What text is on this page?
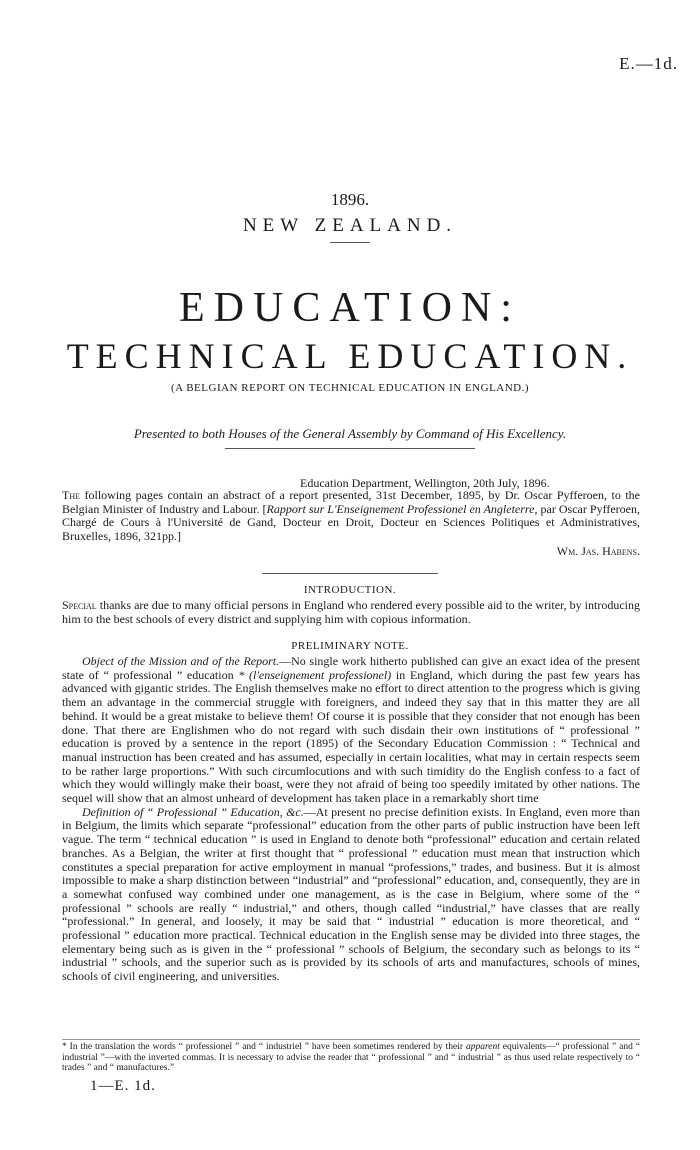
E.—1d.
1896.
NEW ZEALAND.
EDUCATION:
TECHNICAL EDUCATION.
(A BELGIAN REPORT ON TECHNICAL EDUCATION IN ENGLAND.)
Presented to both Houses of the General Assembly by Command of His Excellency.
Education Department, Wellington, 20th July, 1896.

The following pages contain an abstract of a report presented, 31st December, 1895, by Dr. Oscar Pyfferoen, to the Belgian Minister of Industry and Labour. [Rapport sur L'Enseignement Professionel en Angleterre, par Oscar Pyfferoen, Chargé de Cours à l'Université de Gand, Docteur en Droit, Docteur en Sciences Politiques et Administratives, Bruxelles, 1896, 321pp.]

Wm. Jas. Habens.
INTRODUCTION.

Special thanks are due to many official persons in England who rendered every possible aid to the writer, by introducing him to the best schools of every district and supplying him with copious information.

PRELIMINARY NOTE.

Object of the Mission and of the Report.—No single work hitherto published can give an exact idea of the present state of “ professional ” education * (l'enseignement professionel) in England, which during the past few years has advanced with gigantic strides. The English themselves make no effort to direct attention to the progress which is giving them an advantage in the commercial struggle with foreigners, and indeed they say that in this matter they are all behind. It would be a great mistake to believe them! Of course it is possible that they consider that not enough has been done. That there are Englishmen who do not regard with such disdain their own institutions of “ professional ” education is proved by a sentence in the report (1895) of the Secondary Education Commission : “ Technical and manual instruction has been created and has assumed, especially in certain localities, what may in certain respects seem to be rather large proportions.” With such circumlocutions and with such timidity do the English confess to a fact of which they would willingly make their boast, were they not afraid of being too speedily imitated by other nations. The sequel will show that an almost unheard of development has taken place in a remarkably short time

Definition of “ Professional ” Education, &c.—At present no precise definition exists. In England, even more than in Belgium, the limits which separate “professional” education from the other parts of public instruction have been left vague. The term “ technical education ” is used in England to denote both “professional” education and certain related branches. As a Belgian, the writer at first thought that “ professional ” education must mean that instruction which constitutes a special preparation for active employment in manual “professions,” trades, and business. But it is almost impossible to make a sharp distinction between “industrial” and “professional” education, and, consequently, they are in a somewhat confused way combined under one management, as is the case in Belgium, where some of the “ professional ” schools are really “ industrial,” and others, though called “industrial,” have classes that are really “professional.” In general, and loosely, it may be said that “ industrial ” education is more theoretical, and “ professional ” education more practical. Technical education in the English sense may be divided into three stages, the elementary being such as is given in the “ professional ” schools of Belgium, the secondary such as belongs to its “ industrial ” schools, and the superior such as is provided by its schools of arts and manufactures, schools of mines, schools of civil engineering, and universities.

* In the translation the words “ professionel ” and “ industriel ” have been sometimes rendered by their apparent equivalents—“ professional ” and “ industrial ”—with the inverted commas. It is necessary to advise the reader that “ professional ” and “ industrial ” as thus used relate respectively to “ trades ” and “ manufactures.”
1—E. 1d.
